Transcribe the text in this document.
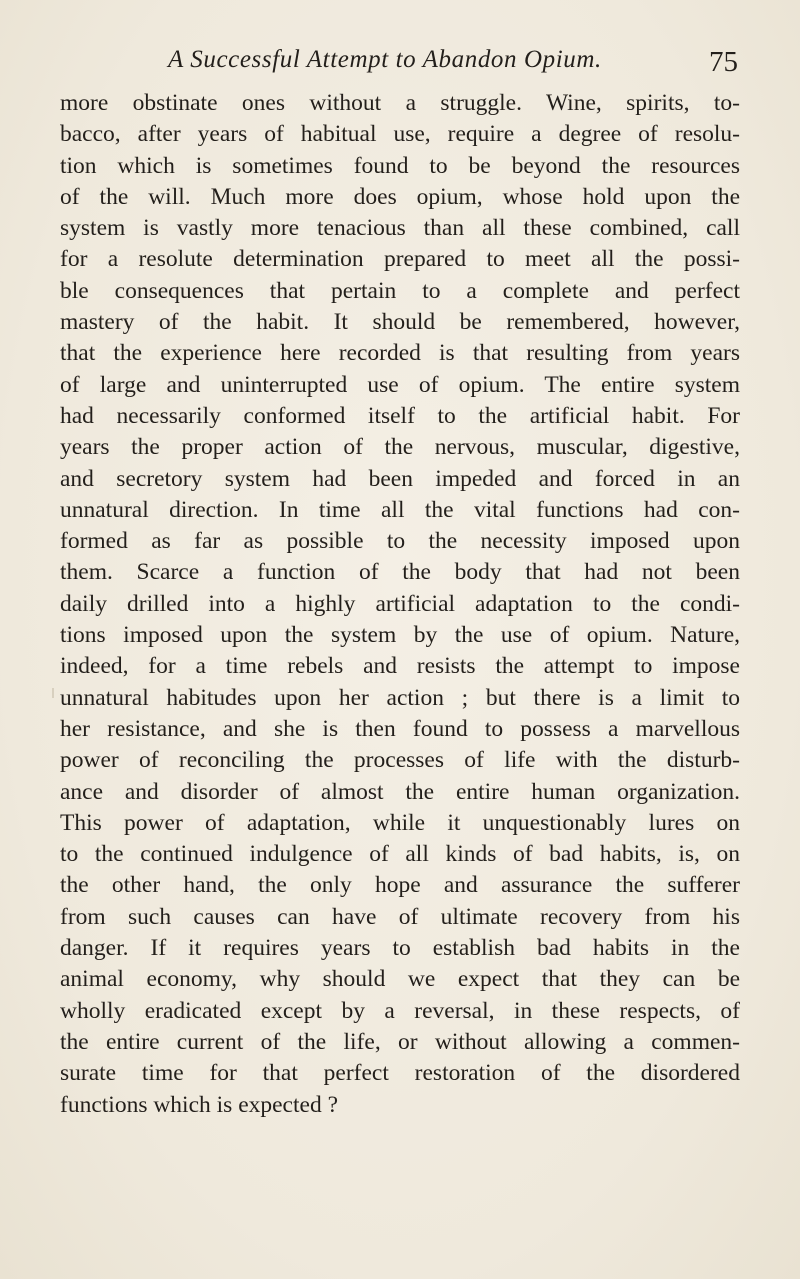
A Successful Attempt to Abandon Opium.	75
more obstinate ones without a struggle. Wine, spirits, to-
bacco, after years of habitual use, require a degree of resolu-
tion which is sometimes found to be beyond the resources
of the will. Much more does opium, whose hold upon the
system is vastly more tenacious than all these combined, call
for a resolute determination prepared to meet all the possi-
ble consequences that pertain to a complete and perfect
mastery of the habit. It should be remembered, however,
that the experience here recorded is that resulting from years
of large and uninterrupted use of opium. The entire system
had necessarily conformed itself to the artificial habit. For
years the proper action of the nervous, muscular, digestive,
and secretory system had been impeded and forced in an
unnatural direction. In time all the vital functions had con-
formed as far as possible to the necessity imposed upon
them. Scarce a function of the body that had not been
daily drilled into a highly artificial adaptation to the condi-
tions imposed upon the system by the use of opium. Nature,
indeed, for a time rebels and resists the attempt to impose
unnatural habitudes upon her action ; but there is a limit to
her resistance, and she is then found to possess a marvellous
power of reconciling the processes of life with the disturb-
ance and disorder of almost the entire human organization.
This power of adaptation, while it unquestionably lures on
to the continued indulgence of all kinds of bad habits, is, on
the other hand, the only hope and assurance the sufferer
from such causes can have of ultimate recovery from his
danger. If it requires years to establish bad habits in the
animal economy, why should we expect that they can be
wholly eradicated except by a reversal, in these respects, of
the entire current of the life, or without allowing a commen-
surate time for that perfect restoration of the disordered
functions which is expected ?
